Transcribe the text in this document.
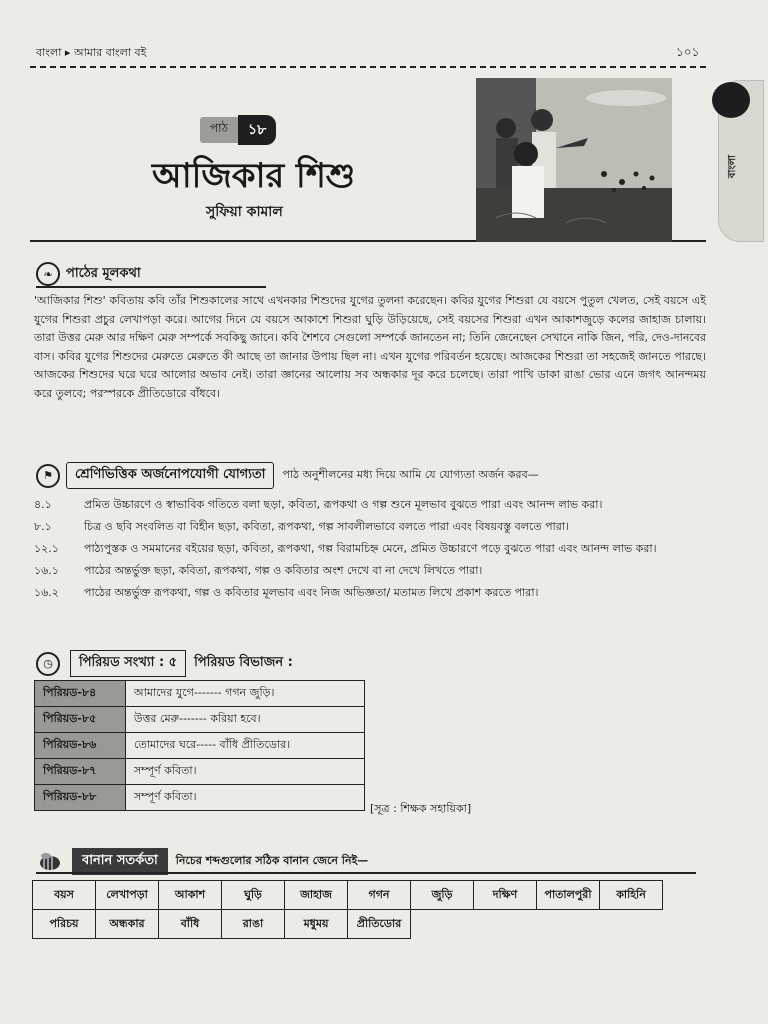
বাংলা ▸ আমার বাংলা বই	১০১
পাঠ	১৮
আজিকার শিশু
সুফিয়া কামাল
বাংলা
❧	পাঠের মূলকথা
'আজিকার শিশু' কবিতায় কবি তাঁর শিশুকালের সাথে এখনকার শিশুদের যুগের তুলনা করেছেন। কবির যুগের শিশুরা যে বয়সে পুতুল খেলত, সেই বয়সে এই যুগের শিশুরা প্রচুর লেখাপড়া করে। আগের দিনে যে বয়সে আকাশে শিশুরা ঘুড়ি উড়িয়েছে, সেই বয়সের শিশুরা এখন আকাশজুড়ে কলের জাহাজ চালায়। তারা উত্তর মেরু আর দক্ষিণ মেরু সম্পর্কে সবকিছু জানে। কবি শৈশবে সেগুলো সম্পর্কে জানতেন না; তিনি জেনেছেন সেখানে নাকি জিন, পরি, দেও-দানবের বাস। কবির যুগের শিশুদের মেরুতে মেরুতে কী আছে তা জানার উপায় ছিল না। এখন যুগের পরিবর্তন হয়েছে। আজকের শিশুরা তা সহজেই জানতে পারছে। আজকের শিশুদের ঘরে ঘরে আলোর অভাব নেই। তারা জ্ঞানের আলোয় সব অন্ধকার দূর করে চলেছে। তারা পাখি ডাকা রাঙা ভোর এনে জগৎ আনন্দময় করে তুলবে; পরস্পরকে প্রীতিডোরে বাঁধবে।
⚑	শ্রেণিভিত্তিক অর্জনোপযোগী যোগ্যতা	পাঠ অনুশীলনের মধ্য দিয়ে আমি যে যোগ্যতা অর্জন করব—
৪.১	প্রমিত উচ্চারণে ও স্বাভাবিক গতিতে বলা ছড়া, কবিতা, রূপকথা ও গল্প শুনে মূলভাব বুঝতে পারা এবং আনন্দ লাভ করা।
৮.১	চিত্র ও ছবি সংবলিত বা বিহীন ছড়া, কবিতা, রূপকথা, গল্প সাবলীলভাবে বলতে পারা এবং বিষয়বস্তু বলতে পারা।
১২.১	পাঠ্যপুস্তক ও সমমানের বইয়ের ছড়া, কবিতা, রূপকথা, গল্প বিরামচিহ্ন মেনে, প্রমিত উচ্চারণে পড়ে বুঝতে পারা এবং আনন্দ লাভ করা।
১৬.১	পাঠের অন্তর্ভুক্ত ছড়া, কবিতা, রূপকথা, গল্প ও কবিতার অংশ দেখে বা না দেখে লিখতে পারা।
১৬.২	পাঠের অন্তর্ভুক্ত রূপকথা, গল্প ও কবিতার মূলভাব এবং নিজ অভিজ্ঞতা/ মতামত লিখে প্রকাশ করতে পারা।
◷	পিরিয়ড সংখ্যা : ৫	পিরিয়ড বিভাজন :
পিরিয়ড-৮৪	আমাদের যুগে------- গগন জুড়ি।
পিরিয়ড-৮৫	উত্তর মেরু------- করিয়া হবে।
পিরিয়ড-৮৬	তোমাদের ঘরে----- বাঁধি প্রীতিডোর।
পিরিয়ড-৮৭	সম্পূর্ণ কবিতা।
পিরিয়ড-৮৮	সম্পূর্ণ কবিতা।
[সূত্র : শিক্ষক সহায়িকা]
বানান সতর্কতা	নিচের শব্দগুলোর সঠিক বানান জেনে নিই—
বয়স	লেখাপড়া	আকাশ	ঘুড়ি	জাহাজ	গগন	জুড়ি	দক্ষিণ	পাতালপুরী	কাহিনি
পরিচয়	অন্ধকার	বাঁধি	রাঙা	মধুময়	প্রীতিডোর				
